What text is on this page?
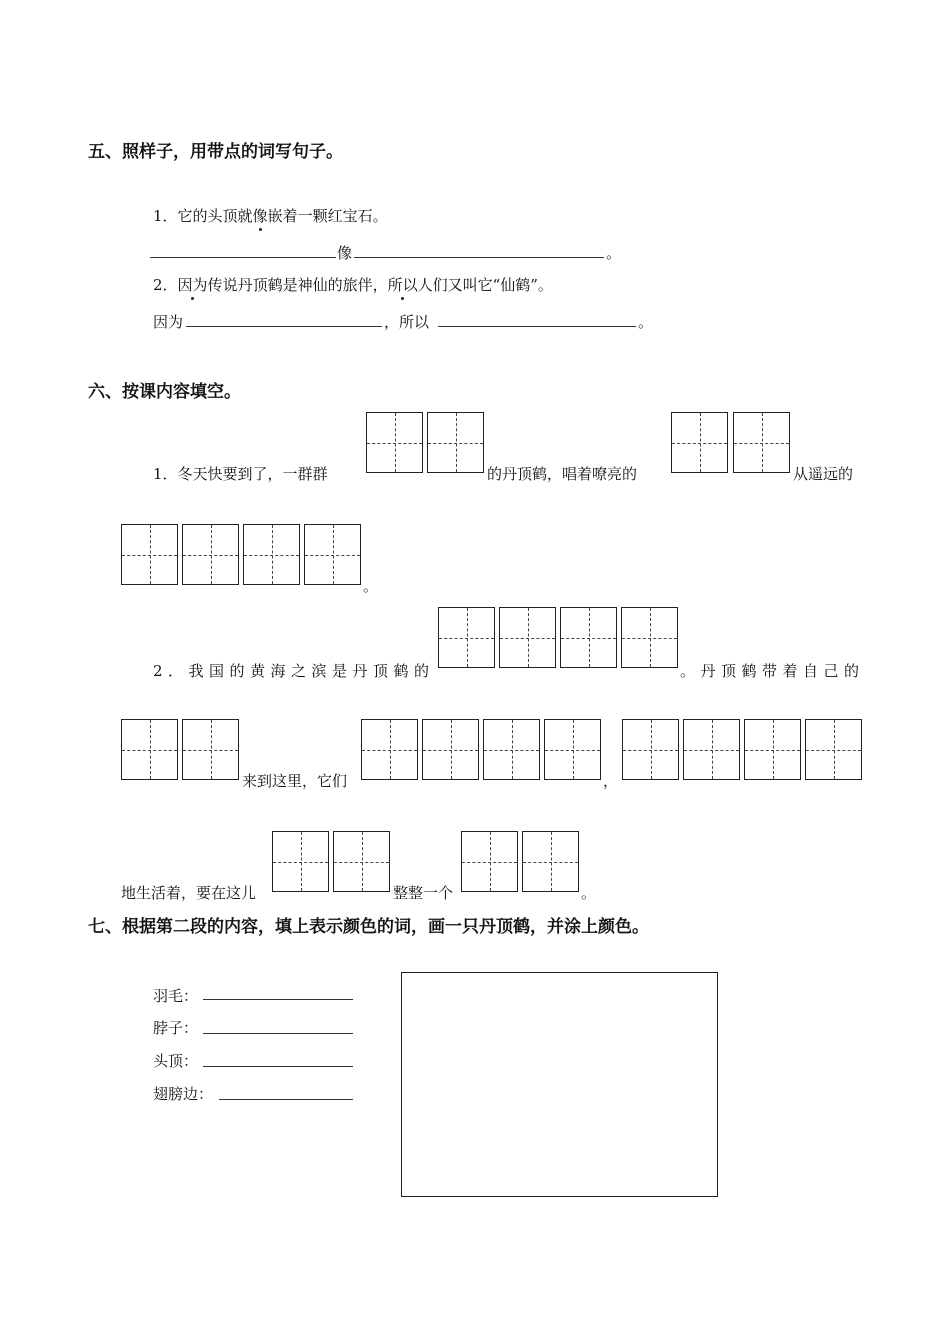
五、照样子，用带点的词写句子。
1．它的头顶就像嵌着一颗红宝石。
像	。
2．因为传说丹顶鹤是神仙的旅伴，所以人们又叫它“仙鹤”。
因为	，所以	。
六、按课内容填空。
1．冬天快要到了，一群群	的丹顶鹤，唱着嘹亮的	从遥远的
。
2．我国的黄海之滨是丹顶鹤的	。丹顶鹤带着自己的
来到这里，它们	，
地生活着，要在这儿	整整一个	。
七、根据第二段的内容，填上表示颜色的词，画一只丹顶鹤，并涂上颜色。
羽毛：
脖子：
头顶：
翅膀边：
